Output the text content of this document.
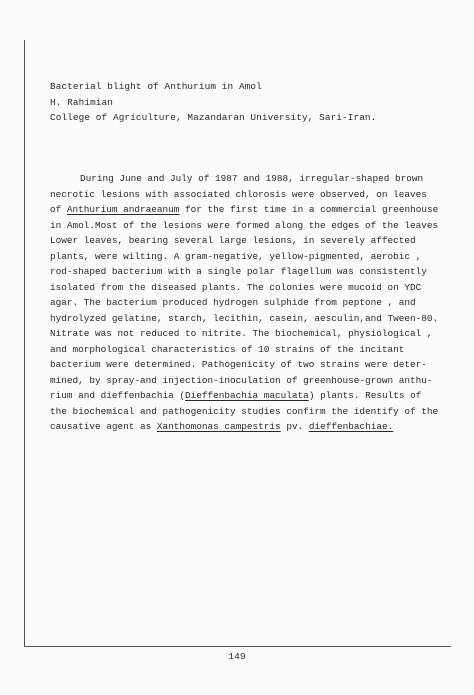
Bacterial blight of Anthurium in Amol
H. Rahimian
College of Agriculture, Mazandaran University, Sari-Iran.
During June and July of 1987 and 1988, irregular-shaped brown
necrotic lesions with associated chlorosis were observed, on leaves
of Anthurium andraeanum for the first time in a commercial greenhouse
in Amol.Most of the lesions were formed along the edges of the leaves
Lower leaves, bearing several large lesions, in severely affected
plants, were wilting. A gram-negative, yellow-pigmented, aerobic ,
rod-shaped bacterium with a single polar flagellum was consistently
isolated from the diseased plants. The colonies were mucoid on YDC
agar. The bacterium produced hydrogen sulphide from peptone , and
hydrolyzed gelatine, starch, lecithin, casein, aesculin,and Tween-80.
Nitrate was not reduced to nitrite. The biochemical, physiological ,
and morphological characteristics of 10 strains of the incitant
bacterium were determined. Pathogenicity of two strains were deter-
mined, by spray-and injection-inoculation of greenhouse-grown anthu-
rium and dieffenbachia (Dieffenbachia maculata) plants. Results of
the biochemical and pathogenicity studies confirm the identify of the
causative agent as Xanthomonas campestris pv. dieffenbachiae.
149
